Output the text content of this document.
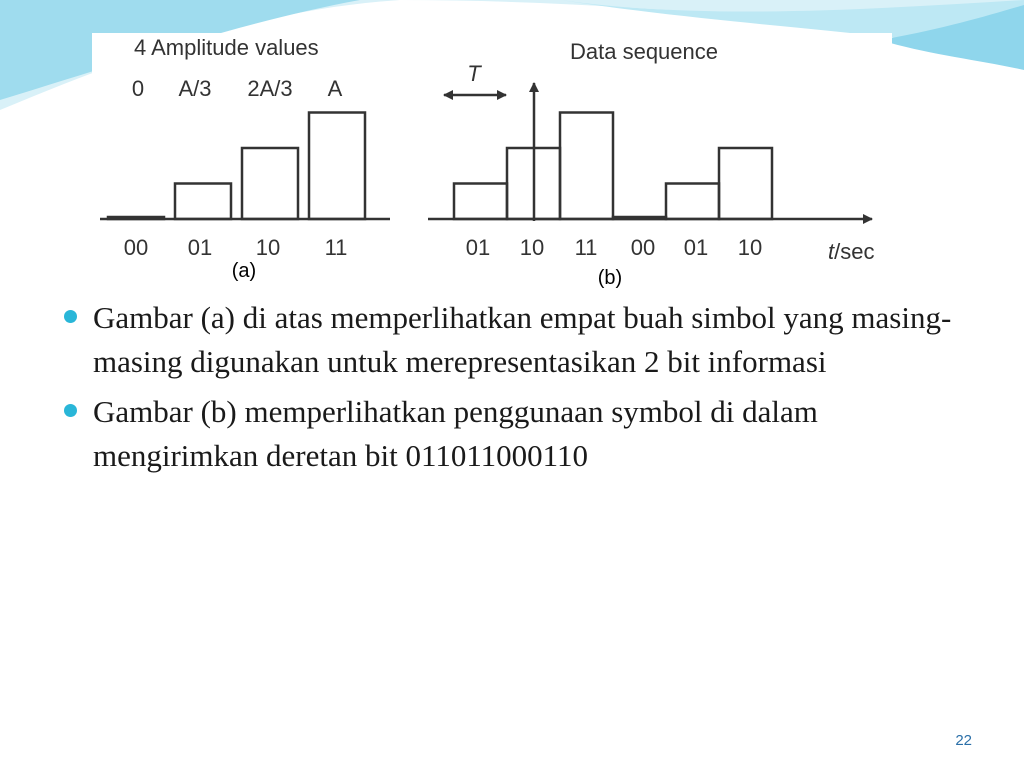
4 Amplitude values
0 A/3 2A/3 A
00 01 10 11
(a)
Data sequence
T
01 10 11 00 01 10	t/sec
(b)
Gambar (a) di atas memperlihatkan empat buah simbol yang masing-masing digunakan untuk merepresentasikan 2 bit informasi
Gambar (b) memperlihatkan penggunaan symbol di dalam mengirimkan deretan bit 011011000110
22
